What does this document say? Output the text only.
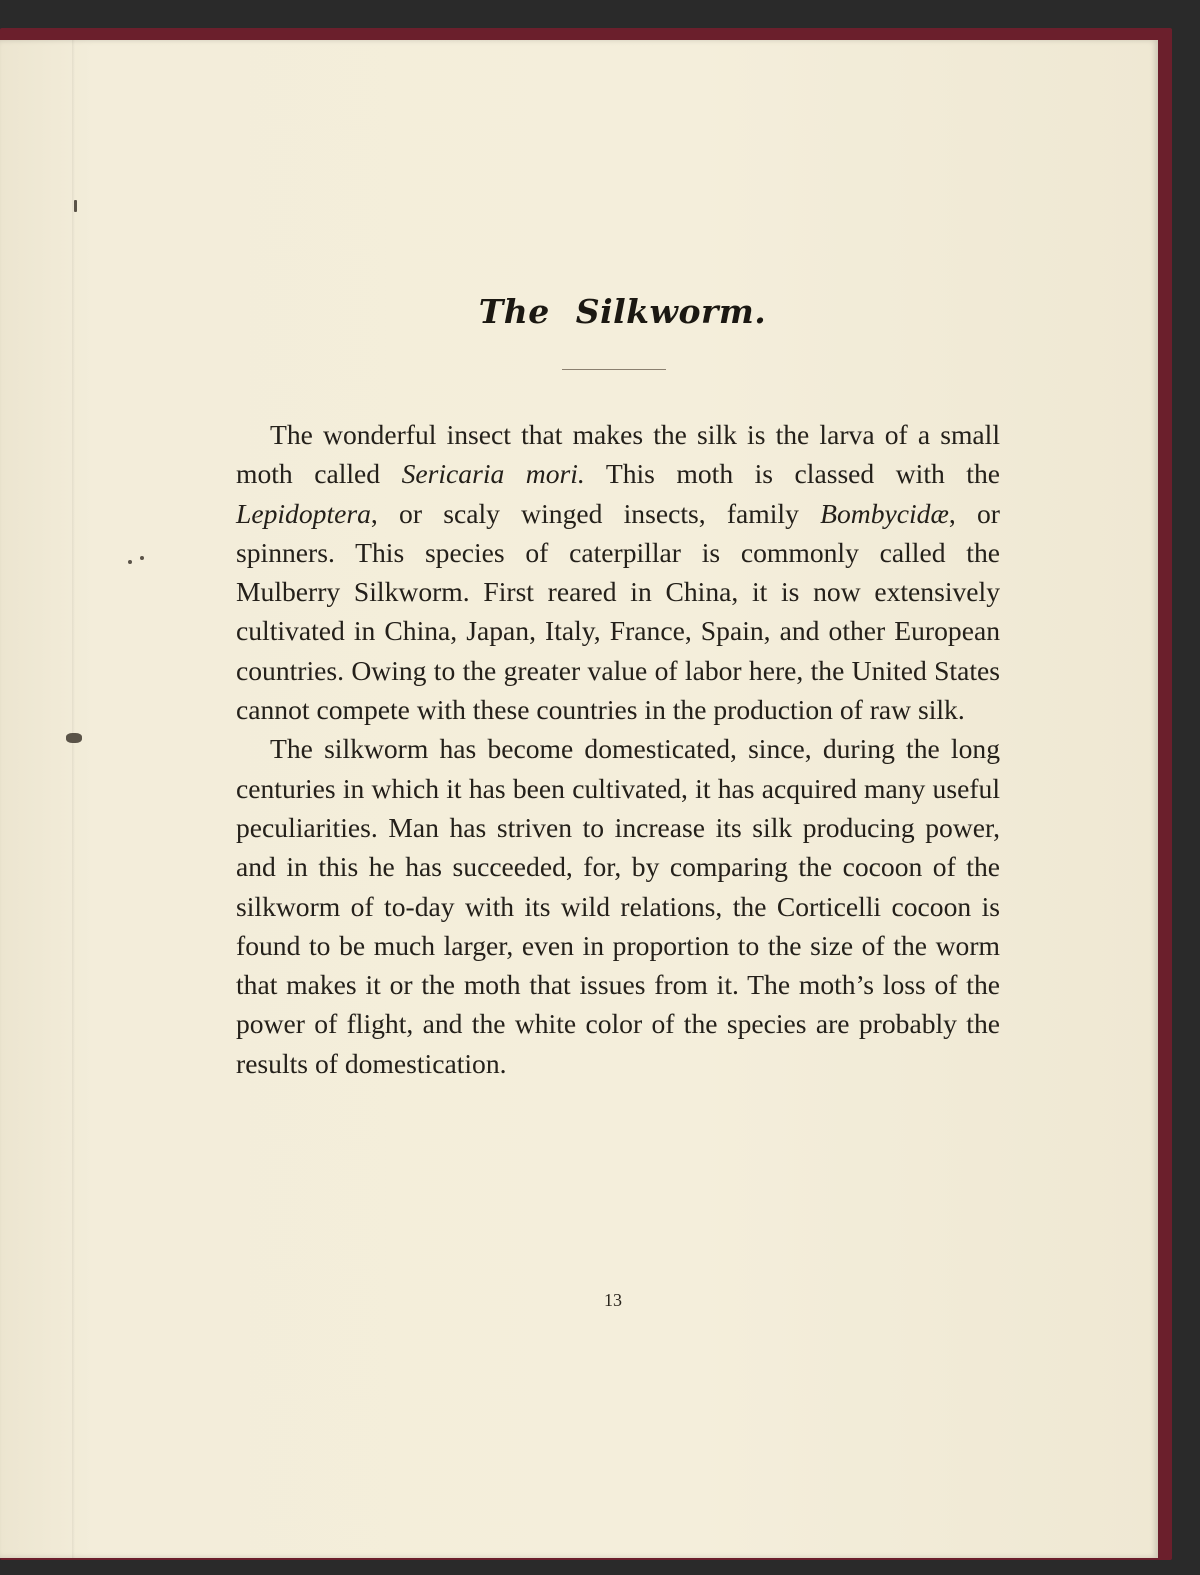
The Silkworm.

The wonderful insect that makes the silk is the larva of a small moth called Sericaria mori. This moth is classed with the Lepidoptera, or scaly winged insects, family Bombycidæ, or spinners. This species of caterpillar is commonly called the Mulberry Silkworm. First reared in China, it is now extensively cultivated in China, Japan, Italy, France, Spain, and other European countries. Owing to the greater value of labor here, the United States cannot compete with these countries in the production of raw silk.

The silkworm has become domesticated, since, during the long centuries in which it has been cultivated, it has acquired many useful peculiarities. Man has striven to increase its silk producing power, and in this he has succeeded, for, by comparing the cocoon of the silkworm of to-day with its wild relations, the Corticelli cocoon is found to be much larger, even in proportion to the size of the worm that makes it or the moth that issues from it. The moth’s loss of the power of flight, and the white color of the species are probably the results of domestication.

13
